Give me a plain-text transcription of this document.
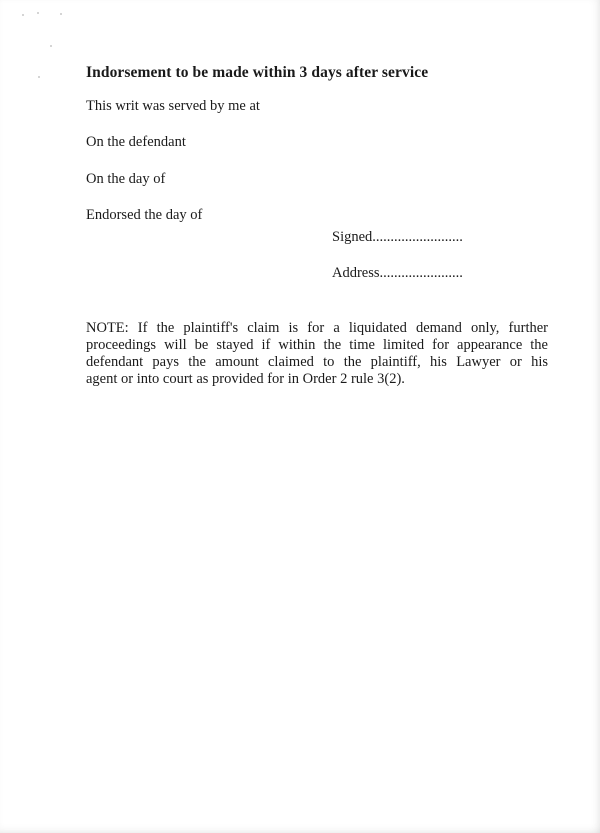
Indorsement to be made within 3 days after service
This writ was served by me at
On the defendant
On the day of
Endorsed the day of
Signed.........................
Address.......................
NOTE: If the plaintiff's claim is for a liquidated demand only, further
proceedings will be stayed if within the time limited for appearance the
defendant pays the amount claimed to the plaintiff, his Lawyer or his
agent or into court as provided for in Order 2 rule 3(2).
